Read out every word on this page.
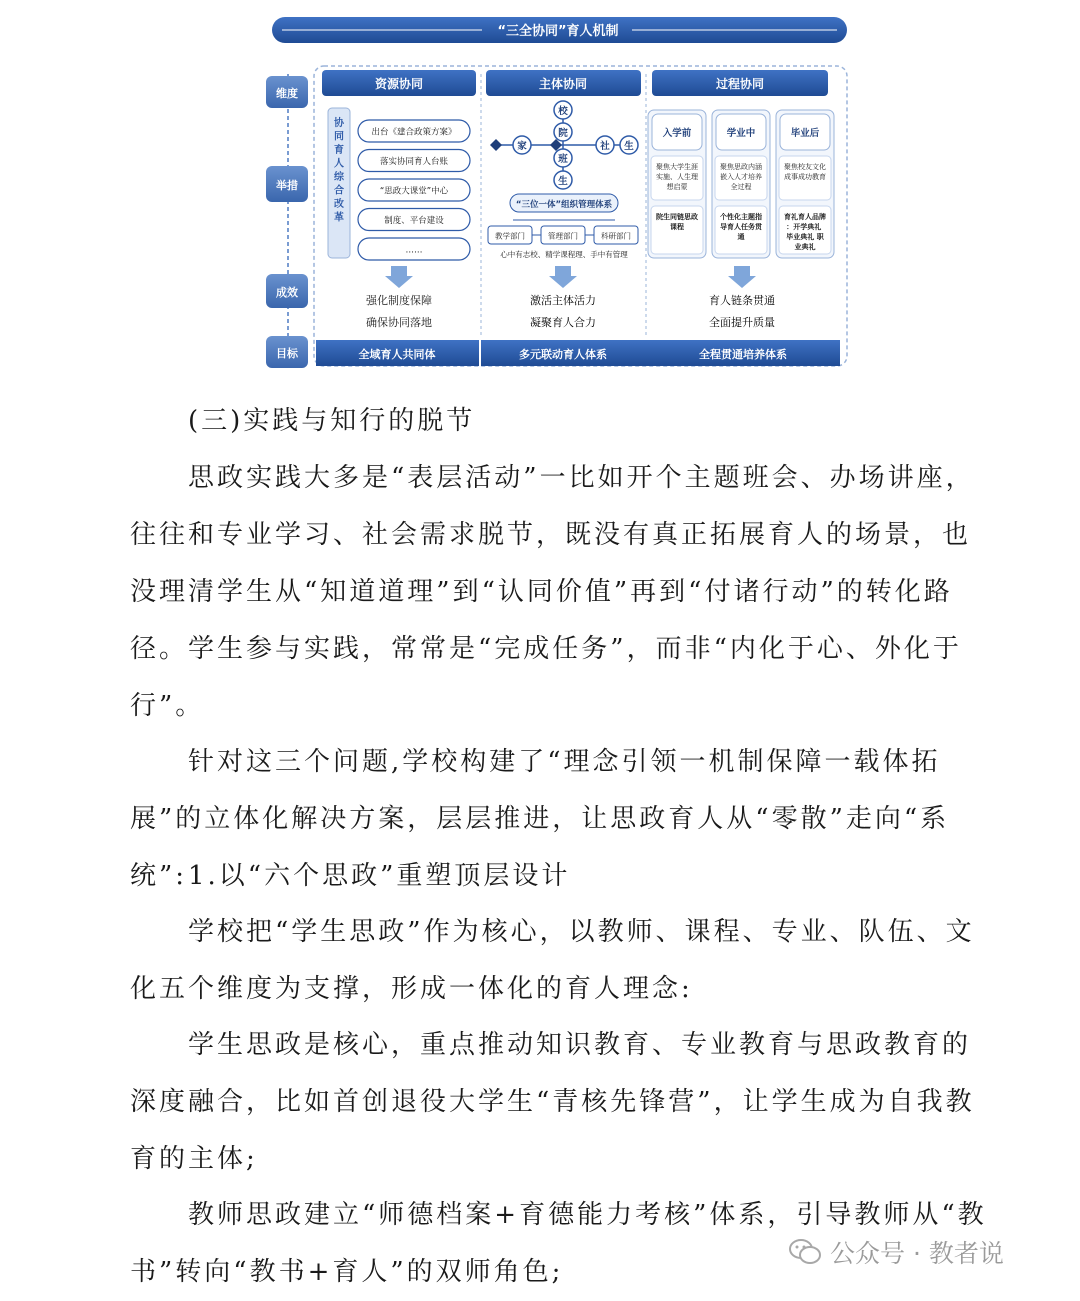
“三全协同”育人机制
维度
举措
成效
目标
资源协同
协同育人综合改革
出台《建合政策方案》
落实协同育人台账
“思政大课堂”中心
制度、平台建设
……
强化制度保障
确保协同落地
全域育人共同体
主体协同
校
院
家	社 生
班
生
“三位一体”组织管理体系
教学部门	管理部门	科研部门
心中有志校、精学课程理、手中有管理
激活主体活力
凝聚育人合力
多元联动育人体系
过程协同
入学前
聚焦大学生涯实施、人生理想启蒙
院生同链思政课程
学业中
聚焦思政内涵嵌入人才培养全过程
个性化主题指导育人任务贯通
毕业后
聚焦校友文化成事成功教育
育礼育人品牌：开学典礼 毕业典礼 职业典礼
育人链条贯通
全面提升质量
全程贯通培养体系

(三)实践与知行的脱节

思政实践大多是“表层活动”一比如开个主题班会、办场讲座，往往和专业学习、社会需求脱节，既没有真正拓展育人的场景，也没理清学生从“知道道理”到“认同价值”再到“付诸行动”的转化路径。学生参与实践，常常是“完成任务”，而非“内化于心、外化于行”。

针对这三个问题,学校构建了“理念引领一机制保障一载体拓展”的立体化解决方案，层层推进，让思政育人从“零散”走向“系统”: 1.以“六个思政”重塑顶层设计

学校把“学生思政”作为核心，以教师、课程、专业、队伍、文化五个维度为支撑，形成一体化的育人理念:

学生思政是核心，重点推动知识教育、专业教育与思政教育的深度融合，比如首创退役大学生“青核先锋营”，让学生成为自我教育的主体;

教师思政建立“师德档案+育德能力考核”体系，引导教师从“教书”转向“教书+育人”的双师角色;

公众号 · 教者说
